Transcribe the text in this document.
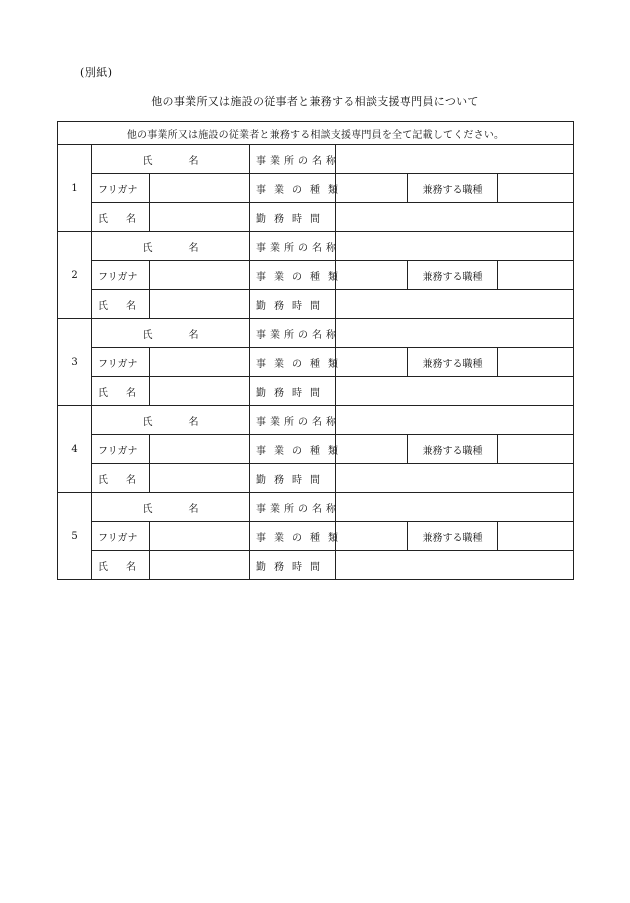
(別紙)
他の事業所又は施設の従事者と兼務する相談支援専門員について
他の事業所又は施設の従業者と兼務する相談支援専門員を全て記載してください。						
1	氏 名		事業所の名称			
	フリガナ		事業の種類		兼務する職種	
	氏 名		勤務時間			
2	氏 名		事業所の名称			
	フリガナ		事業の種類		兼務する職種	
	氏 名		勤務時間			
3	氏 名		事業所の名称			
	フリガナ		事業の種類		兼務する職種	
	氏 名		勤務時間			
4	氏 名		事業所の名称			
	フリガナ		事業の種類		兼務する職種	
	氏 名		勤務時間			
5	氏 名		事業所の名称			
	フリガナ		事業の種類		兼務する職種	
	氏 名		勤務時間			
